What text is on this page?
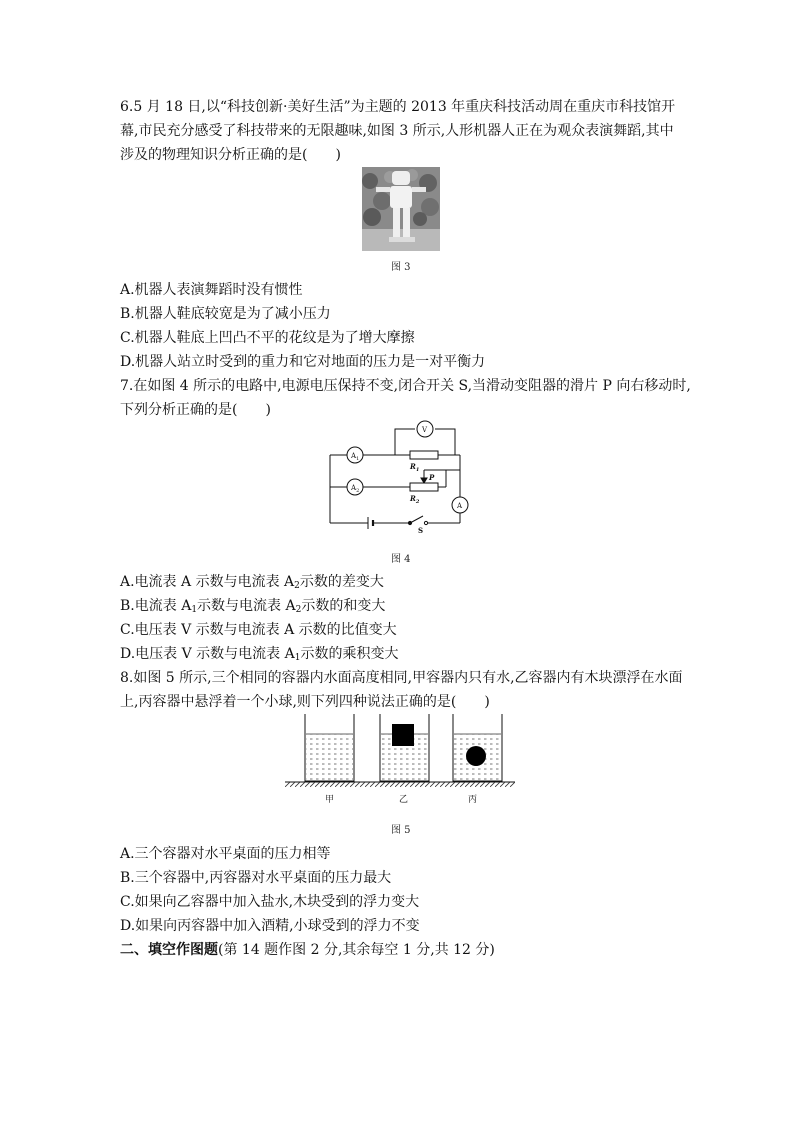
6.5 月 18 日,以“科技创新·美好生活”为主题的 2013 年重庆科技活动周在重庆市科技馆开
幕,市民充分感受了科技带来的无限趣味,如图 3 所示,人形机器人正在为观众表演舞蹈,其中
涉及的物理知识分析正确的是(　　)
图 3
A.机器人表演舞蹈时没有惯性
B.机器人鞋底较宽是为了减小压力
C.机器人鞋底上凹凸不平的花纹是为了增大摩擦
D.机器人站立时受到的重力和它对地面的压力是一对平衡力
7.在如图 4 所示的电路中,电源电压保持不变,闭合开关 S,当滑动变阻器的滑片 P 向右移动时,
下列分析正确的是(　　)
V
$A_1$
$R_1$
A
P
$A_2$
$R_2$
S
图 4
A.电流表 A 示数与电流表 $A_2$示数的差变大
B.电流表 $A_1$示数与电流表 $A_2$示数的和变大
C.电压表 V 示数与电流表 A 示数的比值变大
D.电压表 V 示数与电流表 $A_1$示数的乘积变大
8.如图 5 所示,三个相同的容器内水面高度相同,甲容器内只有水,乙容器内有木块漂浮在水面
上,丙容器中悬浮着一个小球,则下列四种说法正确的是(　　)
甲	乙	丙
图 5
A.三个容器对水平桌面的压力相等
B.三个容器中,丙容器对水平桌面的压力最大
C.如果向乙容器中加入盐水,木块受到的浮力变大
D.如果向丙容器中加入酒精,小球受到的浮力不变
二、填空作图题(第 14 题作图 2 分,其余每空 1 分,共 12 分)
